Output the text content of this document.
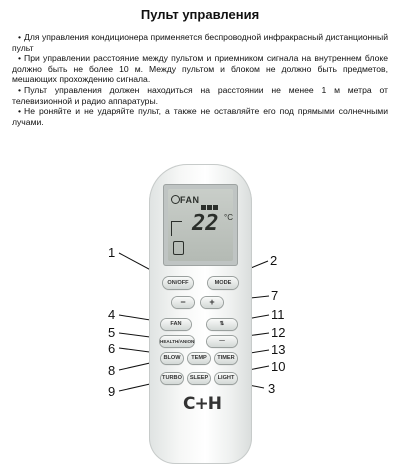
Пульт управления

• Для управления кондиционера применяется беспроводной инфракрасный дистанционный пульт

• При управлении расстояние между пультом и приемником сигнала на внутреннем блоке должно быть не более 10 м. Между пультом и блоком не должно быть предметов, мешающих прохождению сигнала.

• Пульт управления должен находиться на расстоянии не менее 1 м метра от телевизионной и радио аппаратуры.

• Не роняйте и не ударяйте пульт, а также не оставляйте его под прямыми солнечными лучами.

FAN
22 °C
ON/OFF	MODE
−	+
FAN	⇅
HEALTH/ANION	—
BLOW	TEMP	TIMER
TURBO	SLEEP	LIGHT
C+H
1
2
3
4
5
6
7
8
9
10
11
12
13
